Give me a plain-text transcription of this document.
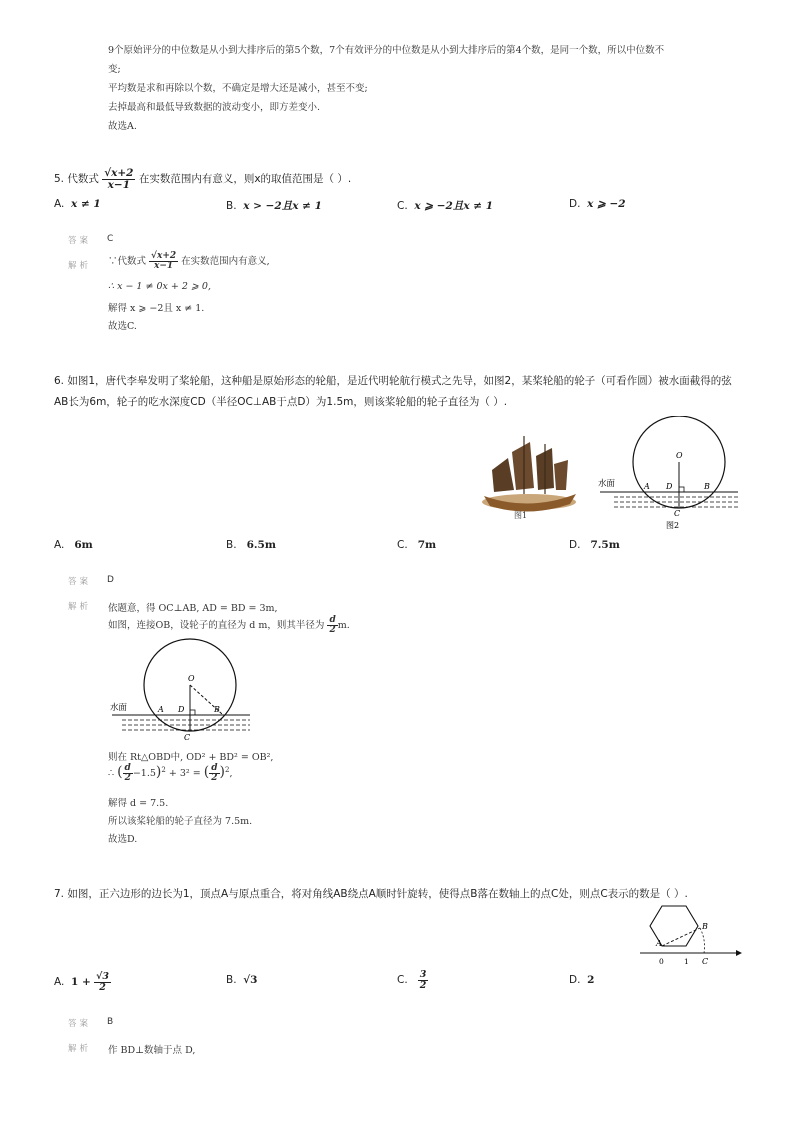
9个原始评分的中位数是从小到大排序后的第5个数，7个有效评分的中位数是从小到大排序后的第4个数，是同一个数，所以中位数不
变;
平均数是求和再除以个数，不确定是增大还是减小，甚至不变;
去掉最高和最低导致数据的波动变小，即方差变小.
故选A.
5. 代数式 $\frac{√x+2}{x-1}$ 在实数范围内有意义，则x的取值范围是（ ）.
A. x ≠ 1	B. x > −2且x ≠ 1	C. x ⩾ −2且x ≠ 1	D. x ⩾ −2
答案 C
解析 ∵代数式 $\frac{√x+2}{x-1}$ 在实数范围内有意义,
∴ x − 1 ≠ 0x + 2 ⩾ 0,
解得 x ⩾ −2且 x ≠ 1.
故选C.
6. 如图1，唐代李皋发明了桨轮船，这种船是原始形态的轮船，是近代明轮航行模式之先导，如图2，某桨轮船的轮子（可看作圆）被水面截得的弦
AB长为6m，轮子的吃水深度CD（半径OC⊥AB于点D）为1.5m，则该桨轮船的轮子直径为（ ）.
图1
O
A D	B
C
水面
图2
A. 6m	B. 6.5m	C. 7m	D. 7.5m
答案 D
解析 依题意，得 OC⊥AB, AD = BD = 3m,
如图，连接OB，设轮子的直径为 d m，则其半径为 $\frac{d}{2} m$.
O
A D	B
C
水面
则在 Rt△OBD中, OD² + BD² = OB²,
∴ ( $\frac{d}{2} -1.5)^2 + 3^2$ = ( $\frac{d}{2} )^2$,
解得 d = 7.5.
所以该桨轮船的轮子直径为 7.5m.
故选D.
7. 如图，正六边形的边长为1，顶点A与原点重合，将对角线AB绕点A顺时针旋转，使得点B落在数轴上的点C处，则点C表示的数是（ ）.
A
B
0	1 C
A. $1 + \frac{√3}{2}$	B. √3	C. $\frac{3}{2}$	D. 2
答案 B
解析 作 BD⊥数轴于点 D,
